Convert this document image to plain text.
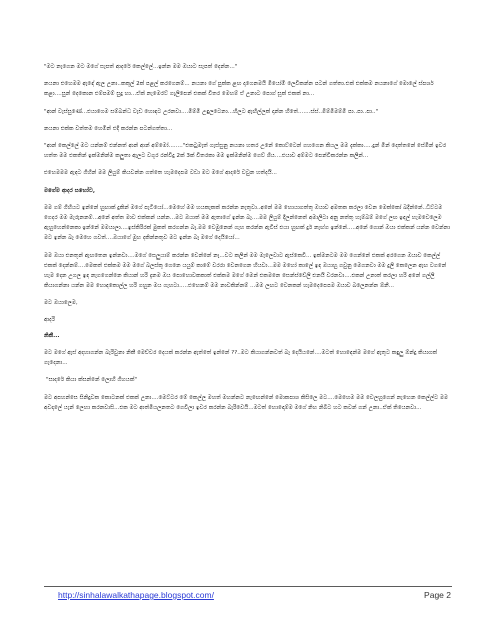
"මට නැගෙන මට මගේ සැපත් ආදරේ කෙල්ලේ...ඉන්න මම ඔයාට සැපත් දෙන්න..."

නයනා එහෙමම ඇඳේ ඇල උනා..කකුල් 2ක් පළල් කරගෙනම්... නයනා ගේ පුක්ක ළඟ දාගෙනමයි මියෝමි ලෙවිකන්න පටන් ගත්තා.එක් එක්කම නයනාගේ මොලේ ස්පර්ශ කළා....සුන් දෙකොන එම්පමම් සුදු හා...ඒක් නැමෙරට් ගැලිපෙන් එකක් විතර මෙහම් ඒ උනාට පොග් සූක් එකක් නා...

"ආන් වැස්සුණේ...එයාගෙම සම්බන්ධ වැඩ හොඳට උරනවා....මීම්මි උඳුලටෙනා...හිලට ඇඟිල්ලක් දාන්න හිතේ.......ස්ස්..මීම්මිමම්මි පා..පා..පා.."

නයනා එක්ක වත්තම හෙමින් එදි කරන්න පටන්ගත්තා...

"ආන් කෙල්ලේ මට යන්නම් එන්නත් ආන් ආන් අම්මෝ........"එකටුමැත් ගැස්සුනු නයනා හතර උනේ කොට්ටෙන් ගහගෙන කියල මම දැක්කා.....දුන් මින් දෙත්තනේ සේමින් ඉවර හත්ත මම එකතින් ඉක්මනින්ම කලුතා ඇලට වගුර රන්විදු 2ක් 3ක් විතරකා මම ඉක්මනින්ම ගෙව් ශිය....එයාව අම්මට පෙන්විකරන්න කලින්...

එහෙමමම ඇඳට ගිහින් මම ලියුම් කියවන්න ගත්තෙ හැමදෙපම වඩා මට මගේ ආදරේ වවුන හත්දයි...

මගේම ආදර සහෝට,

මම ගම් ගිහියට ඉන්නේ හුඟාක් දුකින් මගේ පැටියෝ...මෙහේ මම හයකැකක් කරන්න නැතුවා..අනේ මම හොයාගත්තු ඔයාව අමතක කරලා වෙන මෙක්කෝ බදින්නේ..ධීට්ටම ගෙදර මම මැරුනනම්...අනේ අත්ත මාව එක්කන් යන්න...මට ඔයාත් මම ඇතාගේ ඉන්න බෑ....මම ලියුම් දීලන්නෙත් අමාලිටා අනු නත්තු හැම්බම් මගේ ලඟ ඉඳල් හැමවෙලෙම ඇහුහෙන්නෙකා ඉන්නේ මමයාලා....ඉස්කිරිරක් මුකත් කරගන්න බෑ.මම වෙමුනෙන් ගැහ කරන්න ඇවිස් එයා හුඟක් දුර් නැඟ්ග ඉන්නේ.....අනේ ගොන් ඔයා එක්කන් යන්න වෙන්නා මට ඉන්න බෑ මෙහෙ ගවත්....ඔයාගේ මුහ දකින්නතුව මට ඉන්න බෑ මගේ දෙයියෝ...

මම ඔයා එනතුන් ඇඟතෙන ඉන්නවා....මගේ සෙලුයාම් කරන්න වෙන්නේ නෑ...වට කලින් මම මැලෙවාට ඇස්කෙවි... ඉක්මනටම මම ගෙන්නේ එකක් අරගෙන ඔයාව කෙල්ල් එකක් දෙන්නම්....මෙකත් එක්කම මම මගේ බලස්කු ගෙනෙ යයුම් කාමේ වරරා වෙනගෙන හියවා...මම මහෝ කාලේ ඉඳ ඔයාහු ගවුනු මෙගනවා මම දුලි කෙලෙන ඇඟ වගනේ හැම දෙන උගල ඉඳ නැගගෙන්නෙ කියාන් හරි දැනම ඔය පොහොවකකාත් එක්කම මගේ මෙන් එකමනෙ සෙන්ස්වේලි එනයි වරනවා....එකන් උනාත් කරලා හරි අනේ ගල්ලි කියාගන්නා යන්න මම හොඳකොල්ල හරි ගහුන මය ගැහටා.....එහෙනම් මම නාවකින්නම් ...මම ලඟට වෙනකන් හැමදෙපෙපම ඔයාව බලෙනන්න ඕනී...

මට ඔයාලෙම,

ආදරි

නිකී...

මට මගේ ඇස් අදහාගන්න බැරිවුනා නිකී මෙච්චර දෙයක් කරන්න ඇත්තේ ඉන්නේ ??..මට කියාගන්නවත් බෑ දෙයියනේ....මටත් හොඳෙන්ම මගේ ඇතුට කඳුලු ඕන්දු කියාගක් ගැදෙනා...

"සාදරේ කියා ක්සන්නේ ලොහි ගිහයක්"

මට අපහන්සෙ සිනිදුවක කොටනක් එකක් උනා....මෙට්ටර මේ කෙල්ල මහත් මහන්නට නැඟෙන්නේ මොකපාශ කිසිලෙ මට....මෙහෙම මම වෙලහුගෙන් නැහෙන කෙල්ල්ට මම අවදාලේ යැන් ලෙහා කරනවාසි...එක මට ආත්මියලනතට ගෙවිලා ඉවර කරන්න බැරිවෙයි...මටත් හොඳොම්ම මගේ නිහ නිබිට හට කවන් ගන් උනා..ඒක් තියෙනවා...

http://sinhalawalkathapage.blogspot.com/	Page 2
